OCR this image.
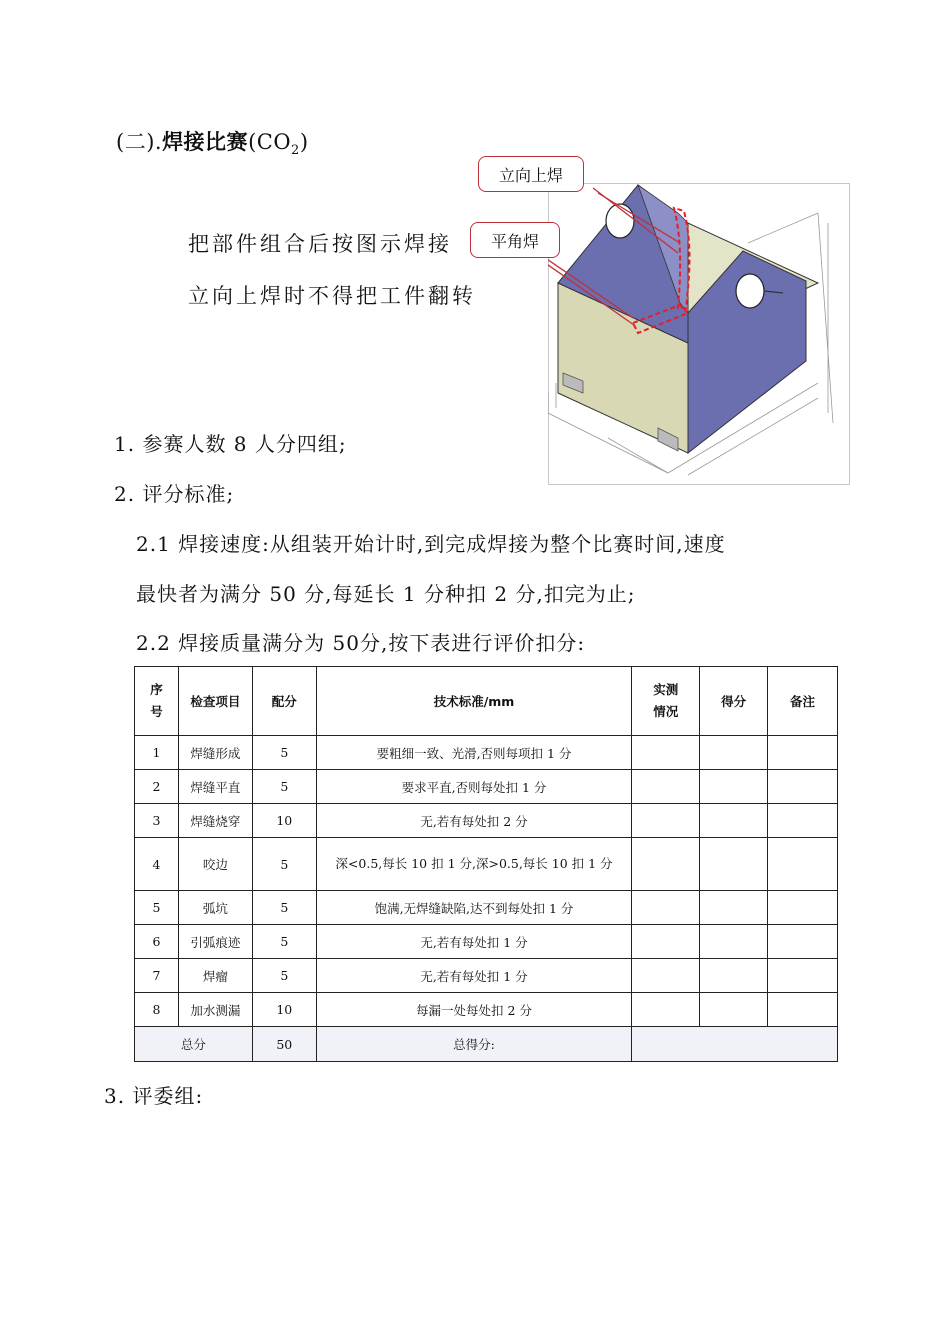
(二).焊接比赛$(CO_2)$
把部件组合后按图示焊接
立向上焊时不得把工件翻转
立向上焊
平角焊
1. 参赛人数 8 人分四组;
2. 评分标准;
2.1 焊接速度:从组装开始计时,到完成焊接为整个比赛时间,速度
最快者为满分 50 分,每延长 1 分种扣 2 分,扣完为止;
2.2 焊接质量满分为 50分,按下表进行评价扣分:
序号	检查项目	配分	技术标准/mm	实测情况	得分	备注
1	焊缝形成	5	要粗细一致、光滑,否则每项扣 1 分			
2	焊缝平直	5	要求平直,否则每处扣 1 分			
3	焊缝烧穿	10	无,若有每处扣 2 分			
4	咬边	5	深<0.5,每长 10 扣 1 分,深>0.5,每长 10 扣 1 分			
5	弧坑	5	饱满,无焊缝缺陷,达不到每处扣 1 分			
6	引弧痕迹	5	无,若有每处扣 1 分			
7	焊瘤	5	无,若有每处扣 1 分			
8	加水测漏	10	每漏一处每处扣 2 分			
总分		50	总得分:			
3. 评委组:
